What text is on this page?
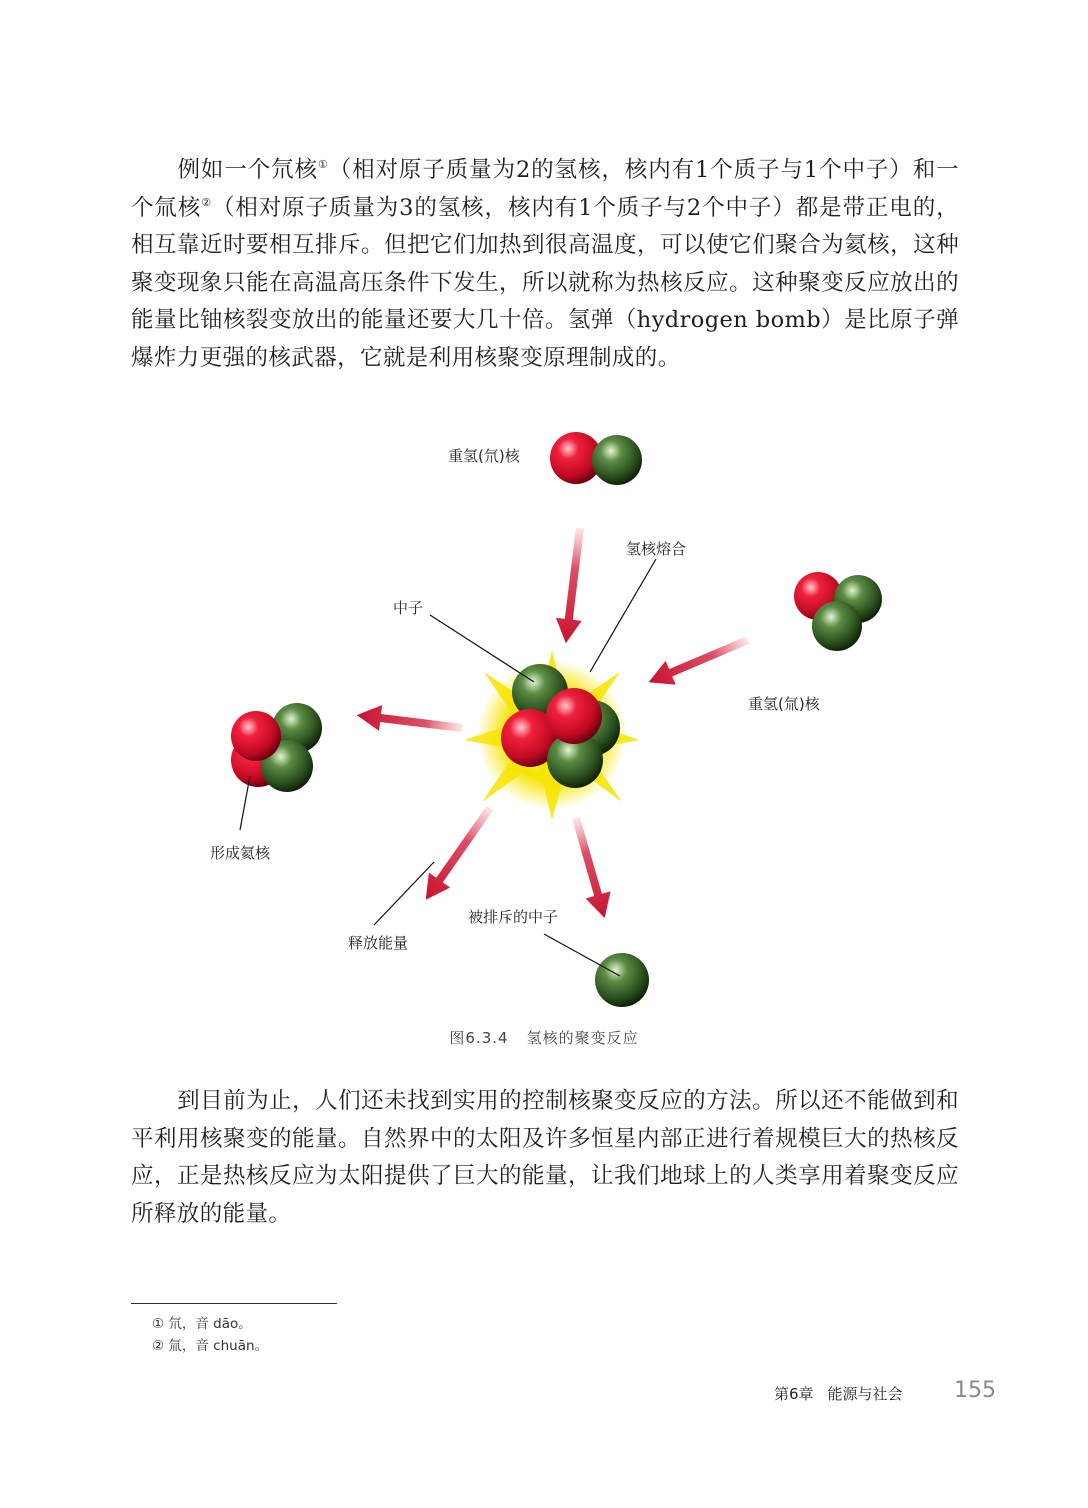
例如一个氘核①（相对原子质量为2的氢核，核内有1个质子与1个中子）和一个氚核②（相对原子质量为3的氢核，核内有1个质子与2个中子）都是带正电的，相互靠近时要相互排斥。但把它们加热到很高温度，可以使它们聚合为氦核，这种聚变现象只能在高温高压条件下发生，所以就称为热核反应。这种聚变反应放出的能量比铀核裂变放出的能量还要大几十倍。氢弹（hydrogen bomb）是比原子弹爆炸力更强的核武器，它就是利用核聚变原理制成的。

重氢(氘)核
氢核熔合
中子
重氢(氚)核
形成氦核
释放能量
被排斥的中子
图6.3.4 氢核的聚变反应

到目前为止，人们还未找到实用的控制核聚变反应的方法。所以还不能做到和平利用核聚变的能量。自然界中的太阳及许多恒星内部正进行着规模巨大的热核反应，正是热核反应为太阳提供了巨大的能量，让我们地球上的人类享用着聚变反应所释放的能量。

① 氘，音 dāo。
② 氚，音 chuān。
第6章 能源与社会 155
